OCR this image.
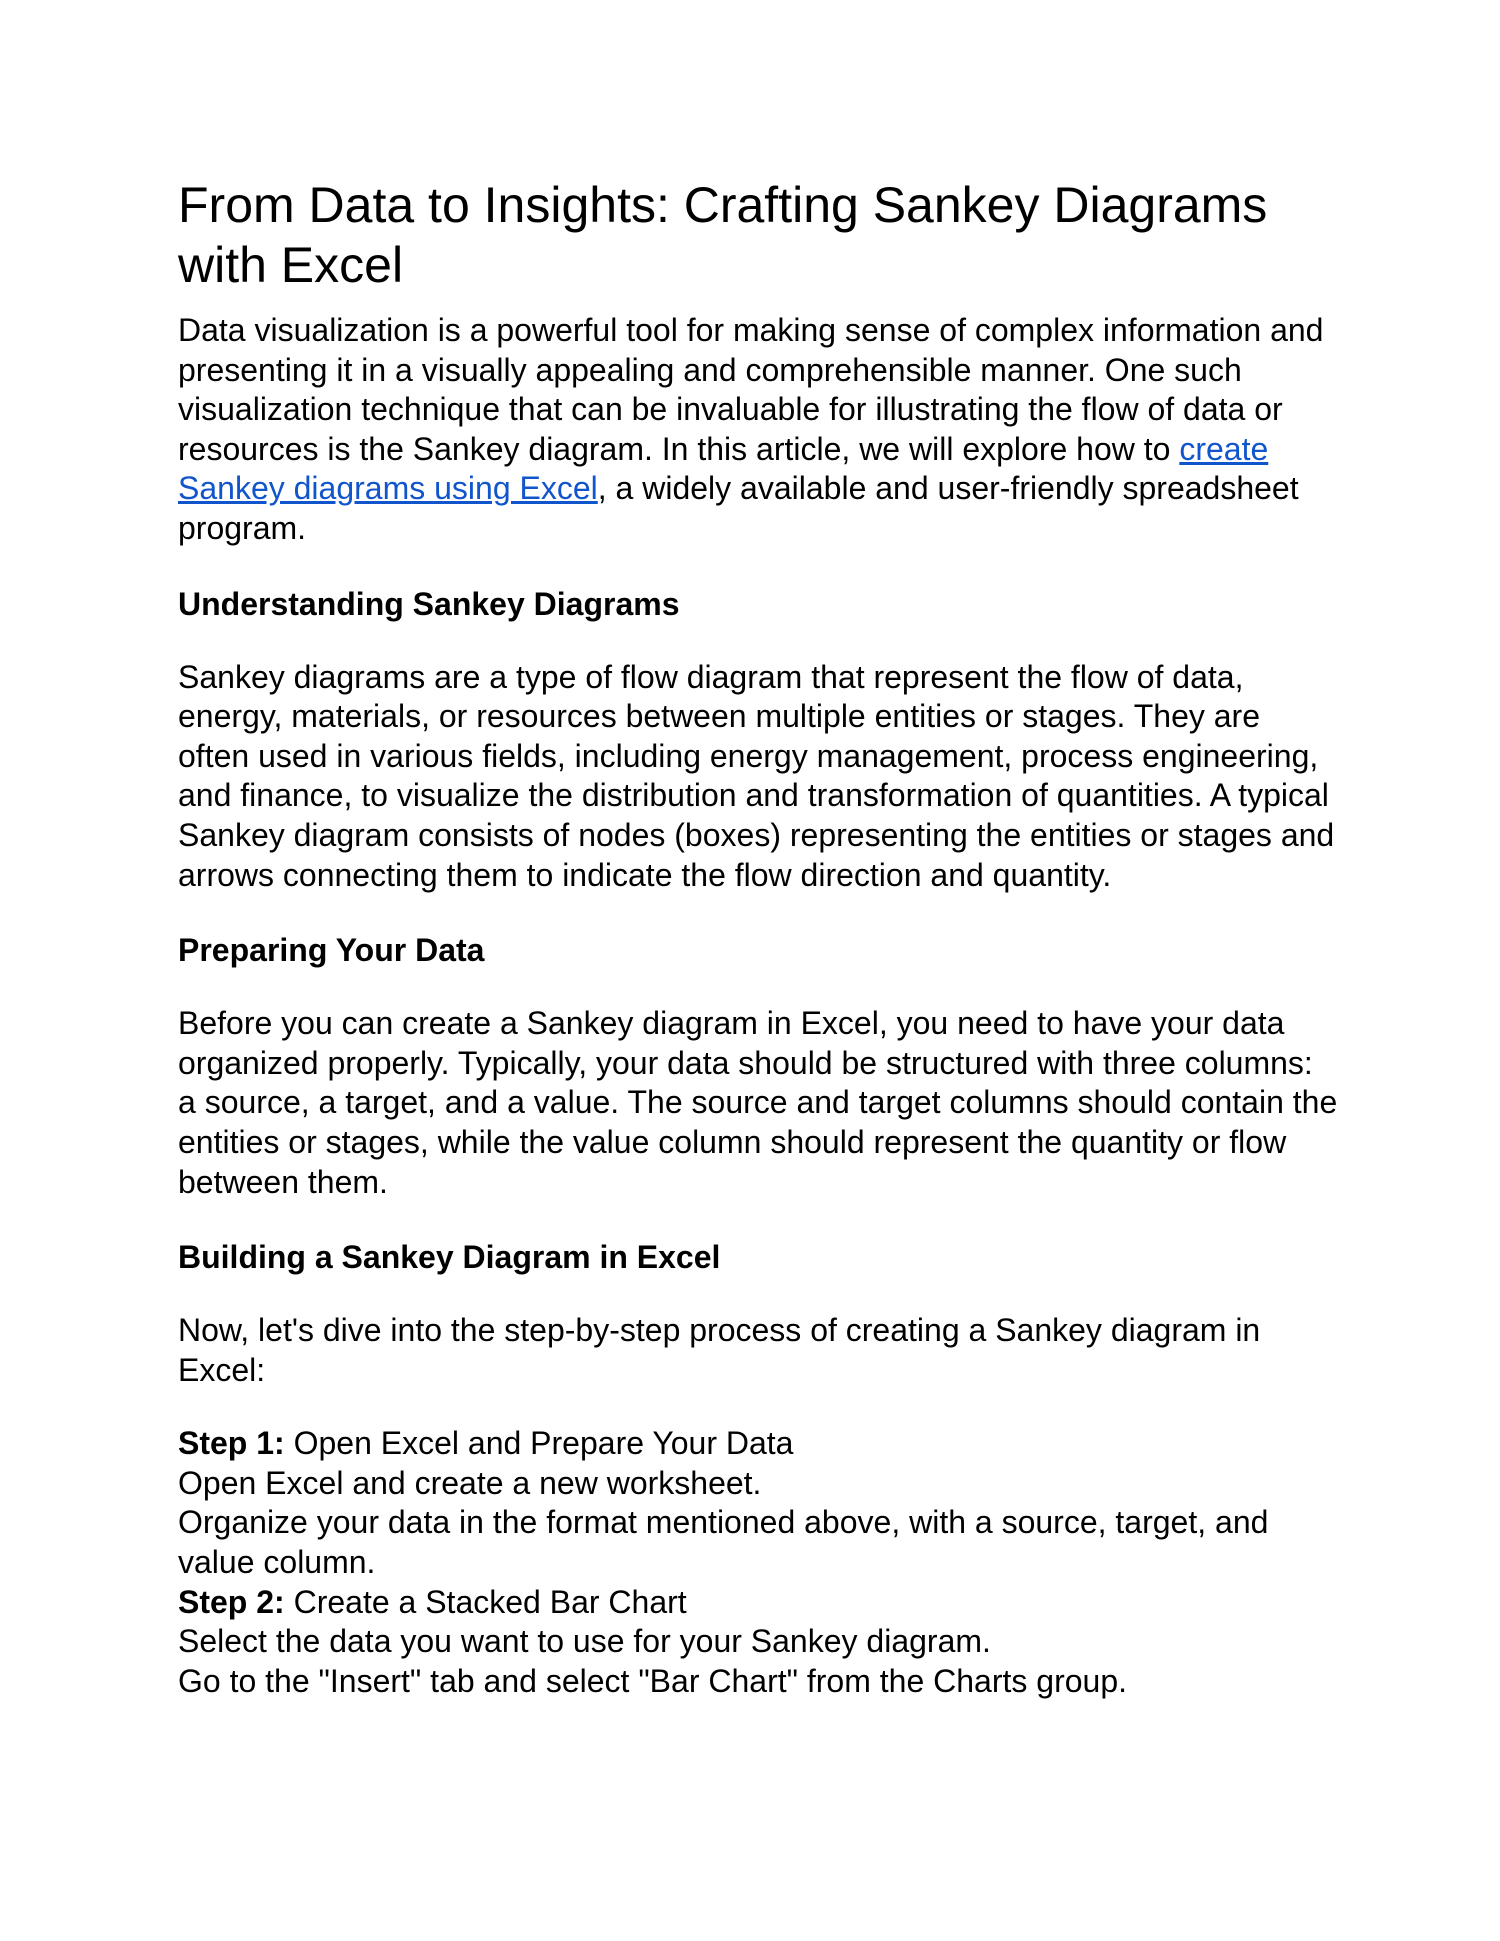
From Data to Insights: Crafting Sankey Diagrams with Excel

Data visualization is a powerful tool for making sense of complex information and presenting it in a visually appealing and comprehensible manner. One such visualization technique that can be invaluable for illustrating the flow of data or resources is the Sankey diagram. In this article, we will explore how to create Sankey diagrams using Excel, a widely available and user-friendly spreadsheet program.

Understanding Sankey Diagrams

Sankey diagrams are a type of flow diagram that represent the flow of data, energy, materials, or resources between multiple entities or stages. They are often used in various fields, including energy management, process engineering, and finance, to visualize the distribution and transformation of quantities. A typical Sankey diagram consists of nodes (boxes) representing the entities or stages and arrows connecting them to indicate the flow direction and quantity.

Preparing Your Data

Before you can create a Sankey diagram in Excel, you need to have your data organized properly. Typically, your data should be structured with three columns: a source, a target, and a value. The source and target columns should contain the entities or stages, while the value column should represent the quantity or flow between them.

Building a Sankey Diagram in Excel

Now, let's dive into the step-by-step process of creating a Sankey diagram in Excel:

Step 1: Open Excel and Prepare Your Data

Open Excel and create a new worksheet.

Organize your data in the format mentioned above, with a source, target, and value column.

Step 2: Create a Stacked Bar Chart

Select the data you want to use for your Sankey diagram.

Go to the "Insert" tab and select "Bar Chart" from the Charts group.
